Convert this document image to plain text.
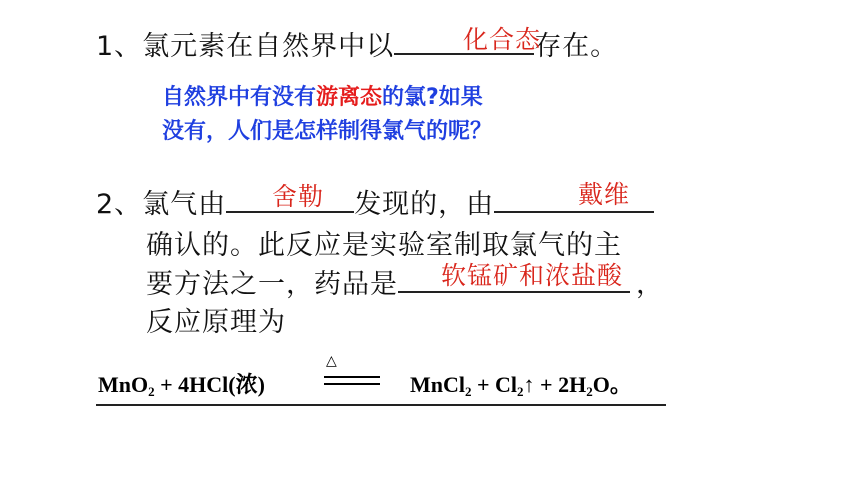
1、氯元素在自然界中以	存在。
化合态
自然界中有没有游离态的氯?如果
没有，人们是怎样制得氯气的呢？
2、氯气由	发现的，由
舍勒	戴维
确认的。此反应是实验室制取氯气的主
要方法之一，药品是	，
软锰矿和浓盐酸
反应原理为
MnO$_2$ + 4HCl(浓)
△
MnCl$_2$ + $Cl_2↑ + 2H_2O$。
